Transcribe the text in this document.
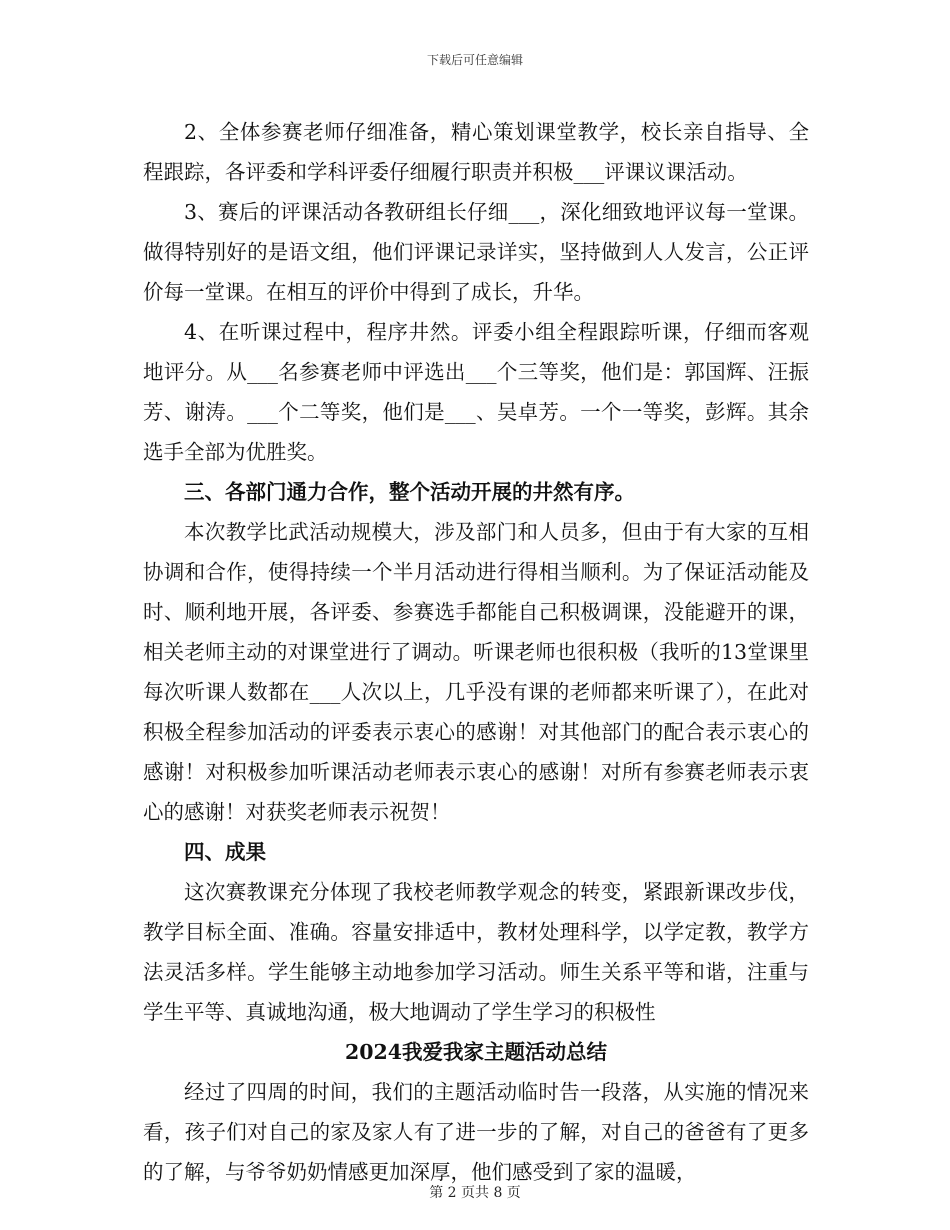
下载后可任意编辑

2、全体参赛老师仔细准备，精心策划课堂教学，校长亲自指导、全程跟踪，各评委和学科评委仔细履行职责并积极___评课议课活动。

3、赛后的评课活动各教研组长仔细___，深化细致地评议每一堂课。做得特别好的是语文组，他们评课记录详实，坚持做到人人发言，公正评价每一堂课。在相互的评价中得到了成长，升华。

4、在听课过程中，程序井然。评委小组全程跟踪听课，仔细而客观地评分。从___名参赛老师中评选出___个三等奖，他们是：郭国辉、汪振芳、谢涛。___个二等奖，他们是___、吴卓芳。一个一等奖，彭辉。其余选手全部为优胜奖。

三、各部门通力合作，整个活动开展的井然有序。

本次教学比武活动规模大，涉及部门和人员多，但由于有大家的互相协调和合作，使得持续一个半月活动进行得相当顺利。为了保证活动能及时、顺利地开展，各评委、参赛选手都能自己积极调课，没能避开的课，相关老师主动的对课堂进行了调动。听课老师也很积极（我听的13堂课里每次听课人数都在___人次以上，几乎没有课的老师都来听课了），在此对积极全程参加活动的评委表示衷心的感谢！对其他部门的配合表示衷心的感谢！对积极参加听课活动老师表示衷心的感谢！对所有参赛老师表示衷心的感谢！对获奖老师表示祝贺！

四、成果

这次赛教课充分体现了我校老师教学观念的转变，紧跟新课改步伐，教学目标全面、准确。容量安排适中，教材处理科学，以学定教，教学方法灵活多样。学生能够主动地参加学习活动。师生关系平等和谐，注重与学生平等、真诚地沟通，极大地调动了学生学习的积极性

2024我爱我家主题活动总结

经过了四周的时间，我们的主题活动临时告一段落，从实施的情况来看，孩子们对自己的家及家人有了进一步的了解，对自己的爸爸有了更多的了解，与爷爷奶奶情感更加深厚，他们感受到了家的温暖，

第 2 页共 8 页
